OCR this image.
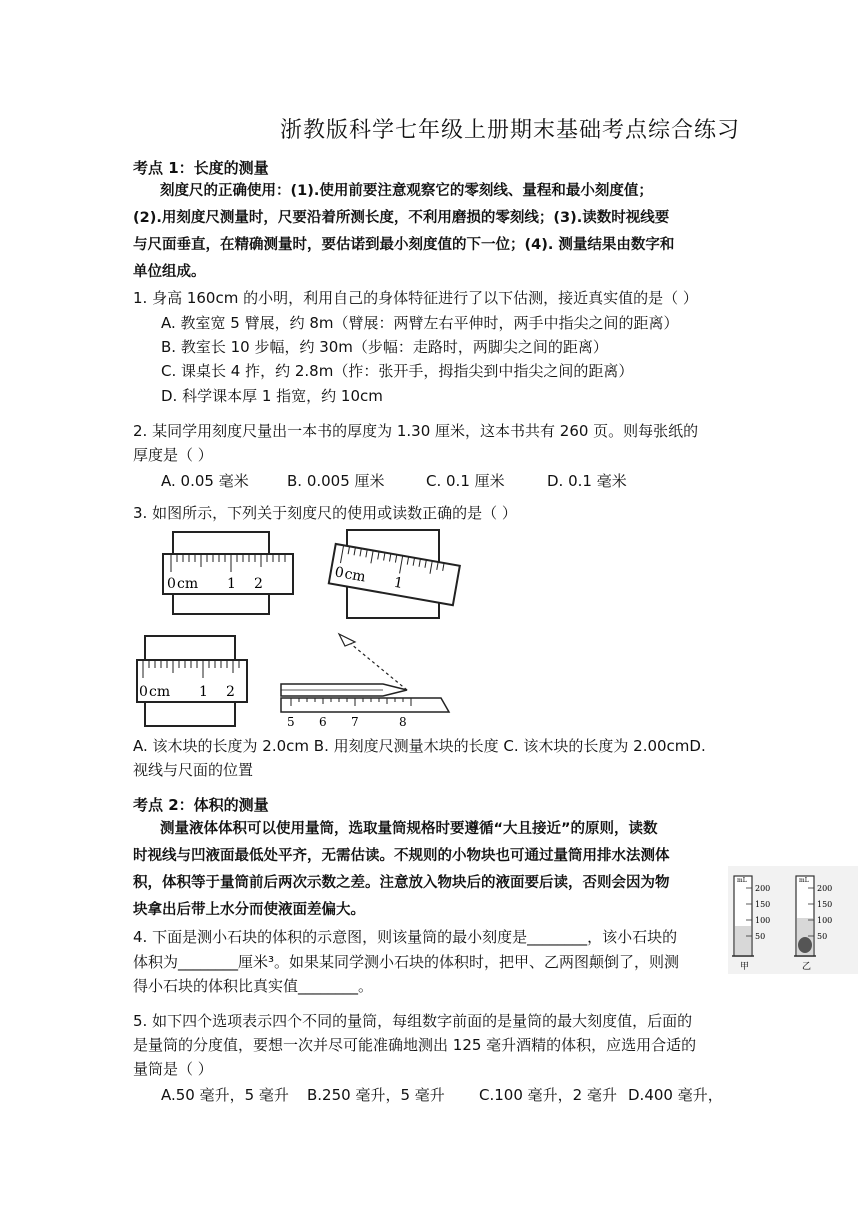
浙教版科学七年级上册期末基础考点综合练习
考点 1：长度的测量
刻度尺的正确使用：(1).使用前要注意观察它的零刻线、量程和最小刻度值；
(2).用刻度尺测量时，尺要沿着所测长度，不利用磨损的零刻线；(3).读数时视线要
与尺面垂直，在精确测量时，要估诺到最小刻度值的下一位；(4). 测量结果由数字和
单位组成。
1. 身高 160cm 的小明，利用自己的身体特征进行了以下估测，接近真实值的是（ ）
A. 教室宽 5 臂展，约 8m（臂展：两臂左右平伸时，两手中指尖之间的距离）
B. 教室长 10 步幅，约 30m（步幅：走路时，两脚尖之间的距离）
C. 课桌长 4 拃，约 2.8m（拃：张开手，拇指尖到中指尖之间的距离）
D. 科学课本厚 1 指宽，约 10cm
2. 某同学用刻度尺量出一本书的厚度为 1.30 厘米，这本书共有 260 页。则每张纸的
厚度是（ ）
A. 0.05 毫米	B. 0.005 厘米	C. 0.1 厘米	D. 0.1 毫米
3. 如图所示，下列关于刻度尺的使用或读数正确的是（ ）
0 cm 1 2
0
cm 1
0 cm 1 2
5 6 7	8
A. 该木块的长度为 2.0cm B. 用刻度尺测量木块的长度 C. 该木块的长度为 2.00cmD.
视线与尺面的位置
考点 2：体积的测量
测量液体体积可以使用量筒，选取量筒规格时要遵循“大且接近”的原则，读数
时视线与凹液面最低处平齐，无需估读。不规则的小物块也可通过量筒用排水法测体
积，体积等于量筒前后两次示数之差。注意放入物块后的液面要后读，否则会因为物
块拿出后带上水分而使液面差偏大。
4. 下面是测小石块的体积的示意图，则该量筒的最小刻度是________，该小石块的
体积为________厘米³。如果某同学测小石块的体积时，把甲、乙两图颠倒了，则测
得小石块的体积比真实值________。
mL
200
150
100
50
甲
mL
200
150
100
50
乙
5. 如下四个选项表示四个不同的量筒，每组数字前面的是量筒的最大刻度值，后面的
是量筒的分度值，要想一次并尽可能准确地测出 125 毫升酒精的体积，应选用合适的
量筒是（ ）
A.50 毫升，5 毫升 B.250 毫升，5 毫升 C.100 毫升，2 毫升 D.400 毫升，
